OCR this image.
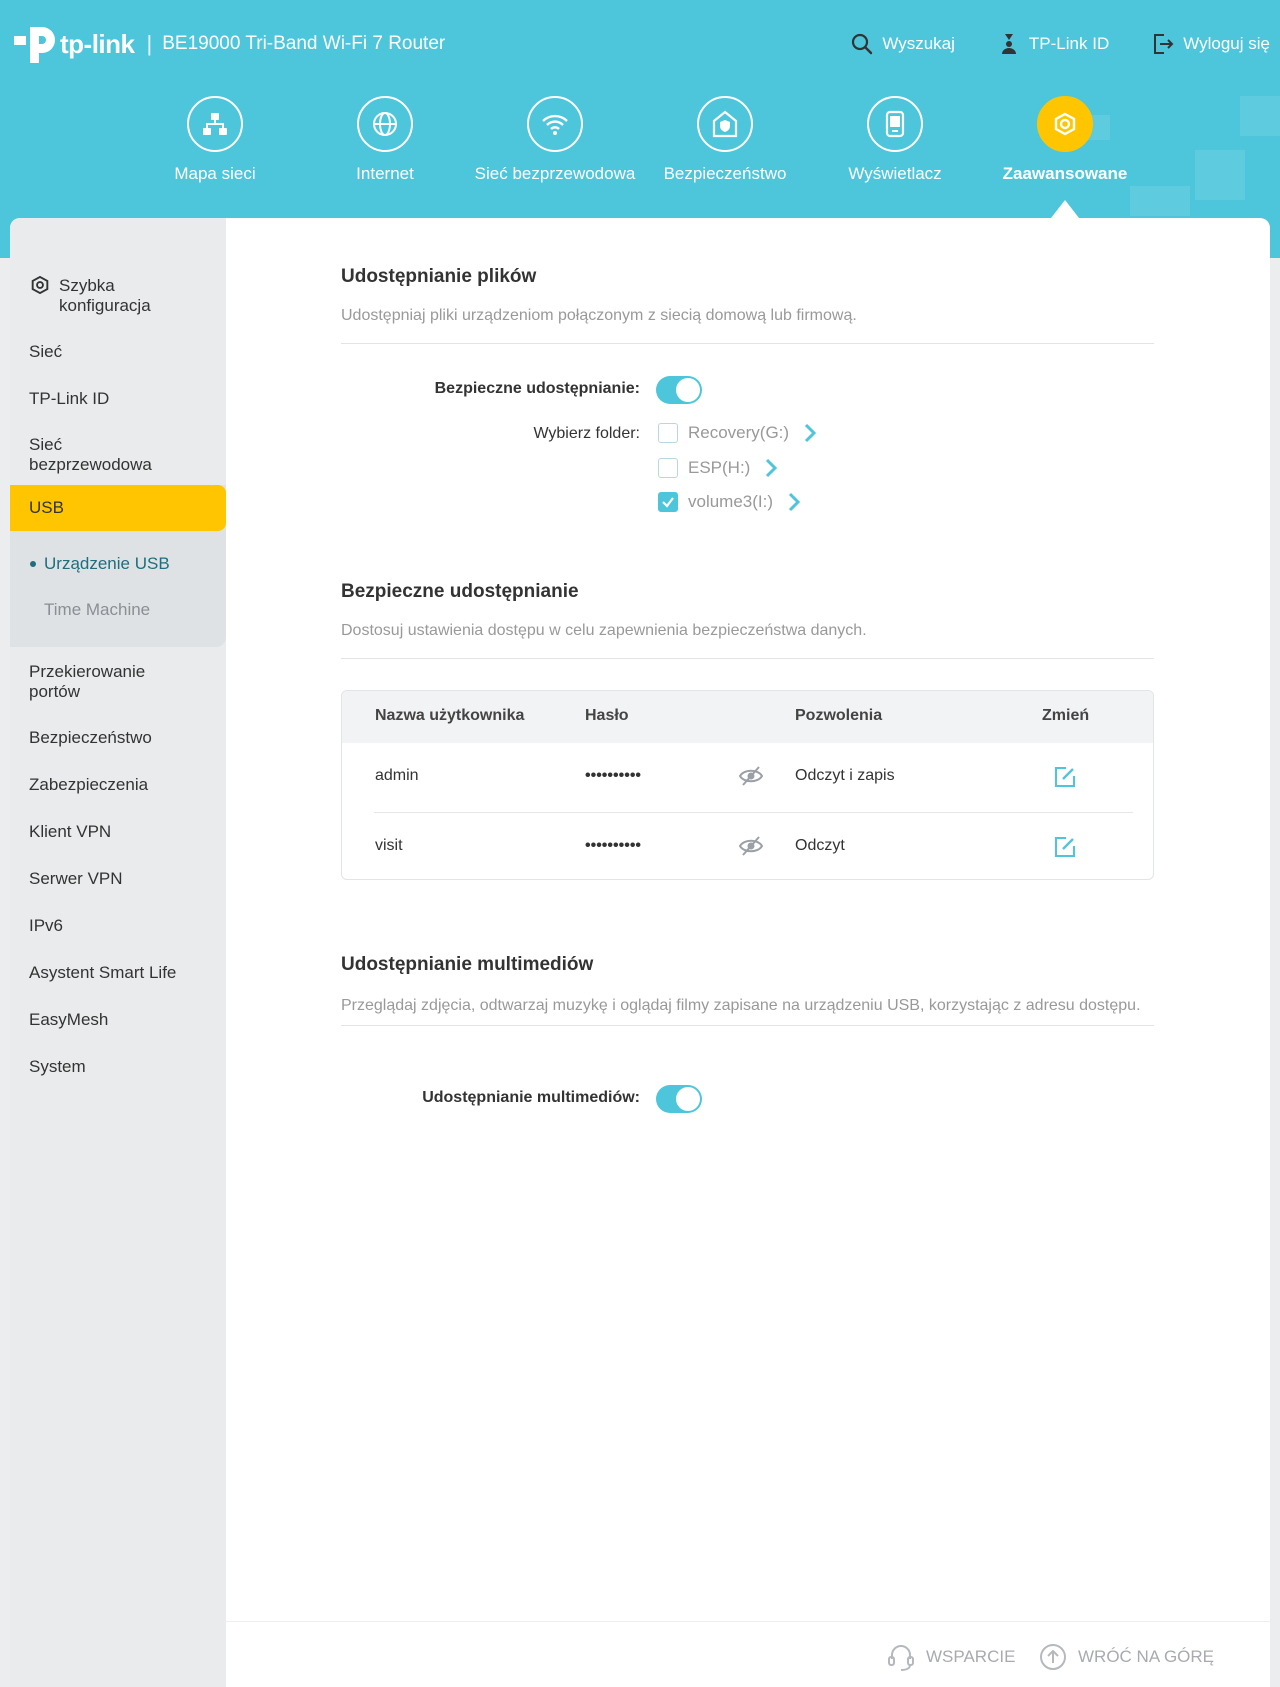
tp-link | BE19000 Tri-Band Wi-Fi 7 Router	Wyszukaj	TP-Link ID	Wyloguj się
Mapa sieci	Internet	Sieć bezprzewodowa	Bezpieczeństwo	Wyświetlacz	Zaawansowane
Szybka konfiguracja
Sieć
TP-Link ID
Sieć bezprzewodowa
Urządzenie USB
Time Machine
USB
Przekierowanie portów
Bezpieczeństwo
Zabezpieczenia
Klient VPN
Serwer VPN
IPv6
Asystent Smart Life
EasyMesh
System
Udostępnianie plików
Udostępniaj pliki urządzeniom połączonym z siecią domową lub firmową.
Bezpieczne udostępnianie:
Wybierz folder:	Recovery(G:)
ESP(H:)
volume3(I:)
Bezpieczne udostępnianie
Dostosuj ustawienia dostępu w celu zapewnienia bezpieczeństwa danych.
Nazwa użytkownika	Hasło	Pozwolenia	Zmień
admin	••••••••••	Odczyt i zapis
visit	••••••••••	Odczyt
Udostępnianie multimediów
Przeglądaj zdjęcia, odtwarzaj muzykę i oglądaj filmy zapisane na urządzeniu USB, korzystając z adresu dostępu.
Udostępnianie multimediów:
WSPARCIE	WRÓĆ NA GÓRĘ
